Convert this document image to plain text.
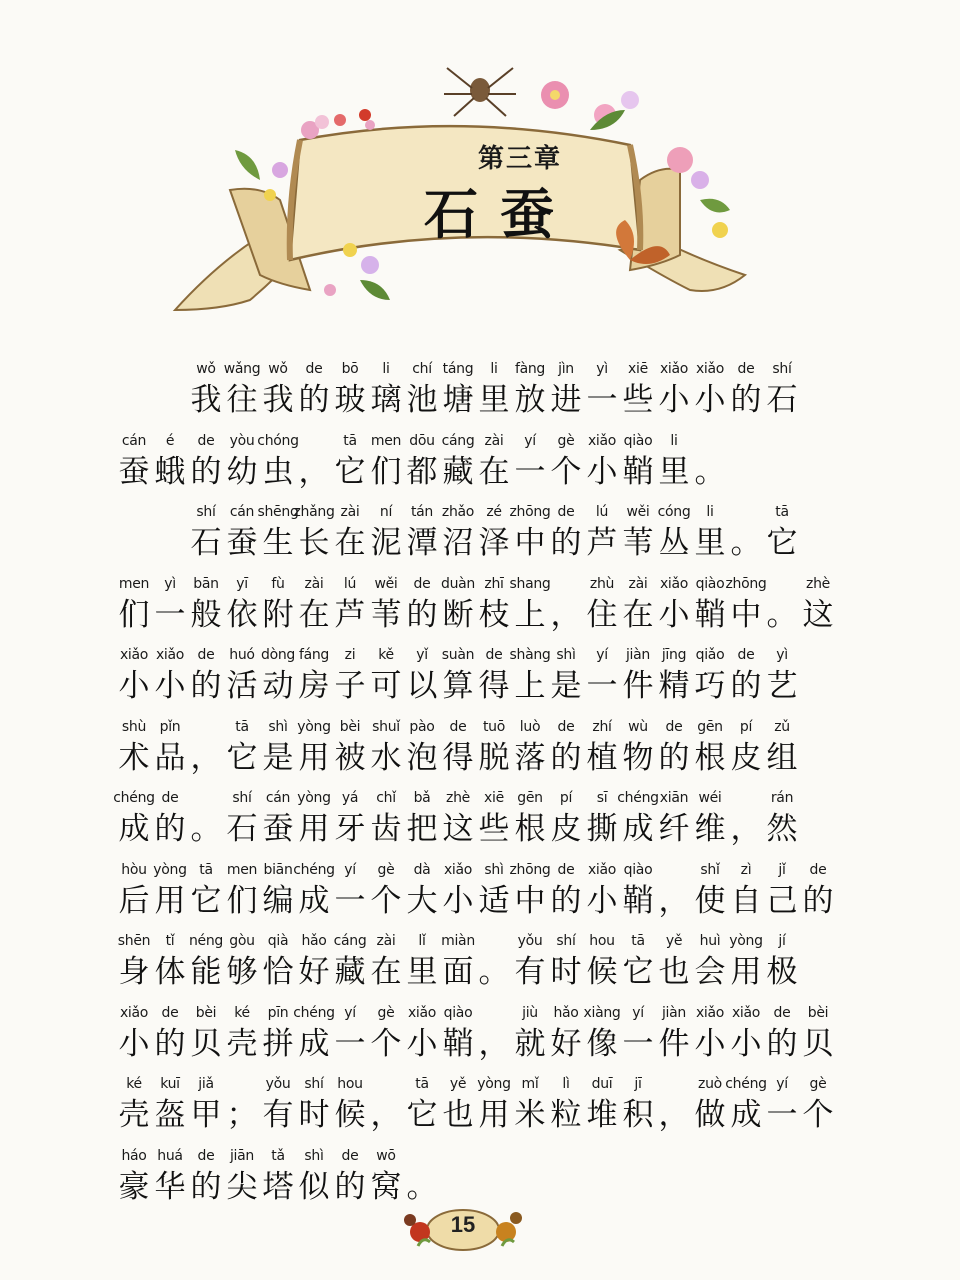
第三章
石蚕
wǒ
我
wǎng
往
wǒ
我
de
的
bō
玻
li
璃
chí
池
táng
塘
li
里
fàng
放
jìn
进
yì
一
xiē
些
xiǎo
小
xiǎo
小
de
的
shí
石
cán
蚕
é
蛾
de
的
yòu
幼
chóng
虫 ，
tā
它
men
们
dōu
都
cáng
藏
zài
在
yí
一
gè
个
xiǎo
小
qiào
鞘
li
里 。
shí
石
cán
蚕
shēng
生
zhǎng
长
zài
在
ní
泥
tán
潭
zhǎo
沼
zé
泽
zhōng
中
de
的
lú
芦
wěi
苇
cóng
丛
li
里 。
tā
它
men
们
yì
一
bān
般
yī
依
fù
附
zài
在
lú
芦
wěi
苇
de
的
duàn
断
zhī
枝
shang
上 ，
zhù
住
zài
在
xiǎo
小
qiào
鞘
zhōng
中 。
zhè
这
xiǎo
小
xiǎo
小
de
的
huó
活
dòng
动
fáng
房
zi
子
kě
可
yǐ
以
suàn
算
de
得
shàng
上
shì
是
yí
一
jiàn
件
jīng
精
qiǎo
巧
de
的
yì
艺
shù
术
pǐn
品 ，
tā
它
shì
是
yòng
用
bèi
被
shuǐ
水
pào
泡
de
得
tuō
脱
luò
落
de
的
zhí
植
wù
物
de
的
gēn
根
pí
皮
zǔ
组
chéng
成
de
的 。
shí
石
cán
蚕
yòng
用
yá
牙
chǐ
齿
bǎ
把
zhè
这
xiē
些
gēn
根
pí
皮
sī
撕
chéng
成
xiān
纤
wéi
维 ，
rán
然
hòu
后
yòng
用
tā
它
men
们
biān
编
chéng
成
yí
一
gè
个
dà
大
xiǎo
小
shì
适
zhōng
中
de
的
xiǎo
小
qiào
鞘 ，
shǐ
使
zì
自
jǐ
己
de
的
shēn
身
tǐ
体
néng
能
gòu
够
qià
恰
hǎo
好
cáng
藏
zài
在
lǐ
里
miàn
面 。
yǒu
有
shí
时
hou
候
tā
它
yě
也
huì
会
yòng
用
jí
极
xiǎo
小
de
的
bèi
贝
ké
壳
pīn
拼
chéng
成
yí
一
gè
个
xiǎo
小
qiào
鞘 ，
jiù
就
hǎo
好
xiàng
像
yí
一
jiàn
件
xiǎo
小
xiǎo
小
de
的
bèi
贝
ké
壳
kuī
盔
jiǎ
甲 ；
yǒu
有
shí
时
hou
候 ，
tā
它
yě
也
yòng
用
mǐ
米
lì
粒
duī
堆
jī
积 ，
zuò
做
chéng
成
yí
一
gè
个
háo
豪
huá
华
de
的
jiān
尖
tǎ
塔
shì
似
de
的
wō
窝 。
15
